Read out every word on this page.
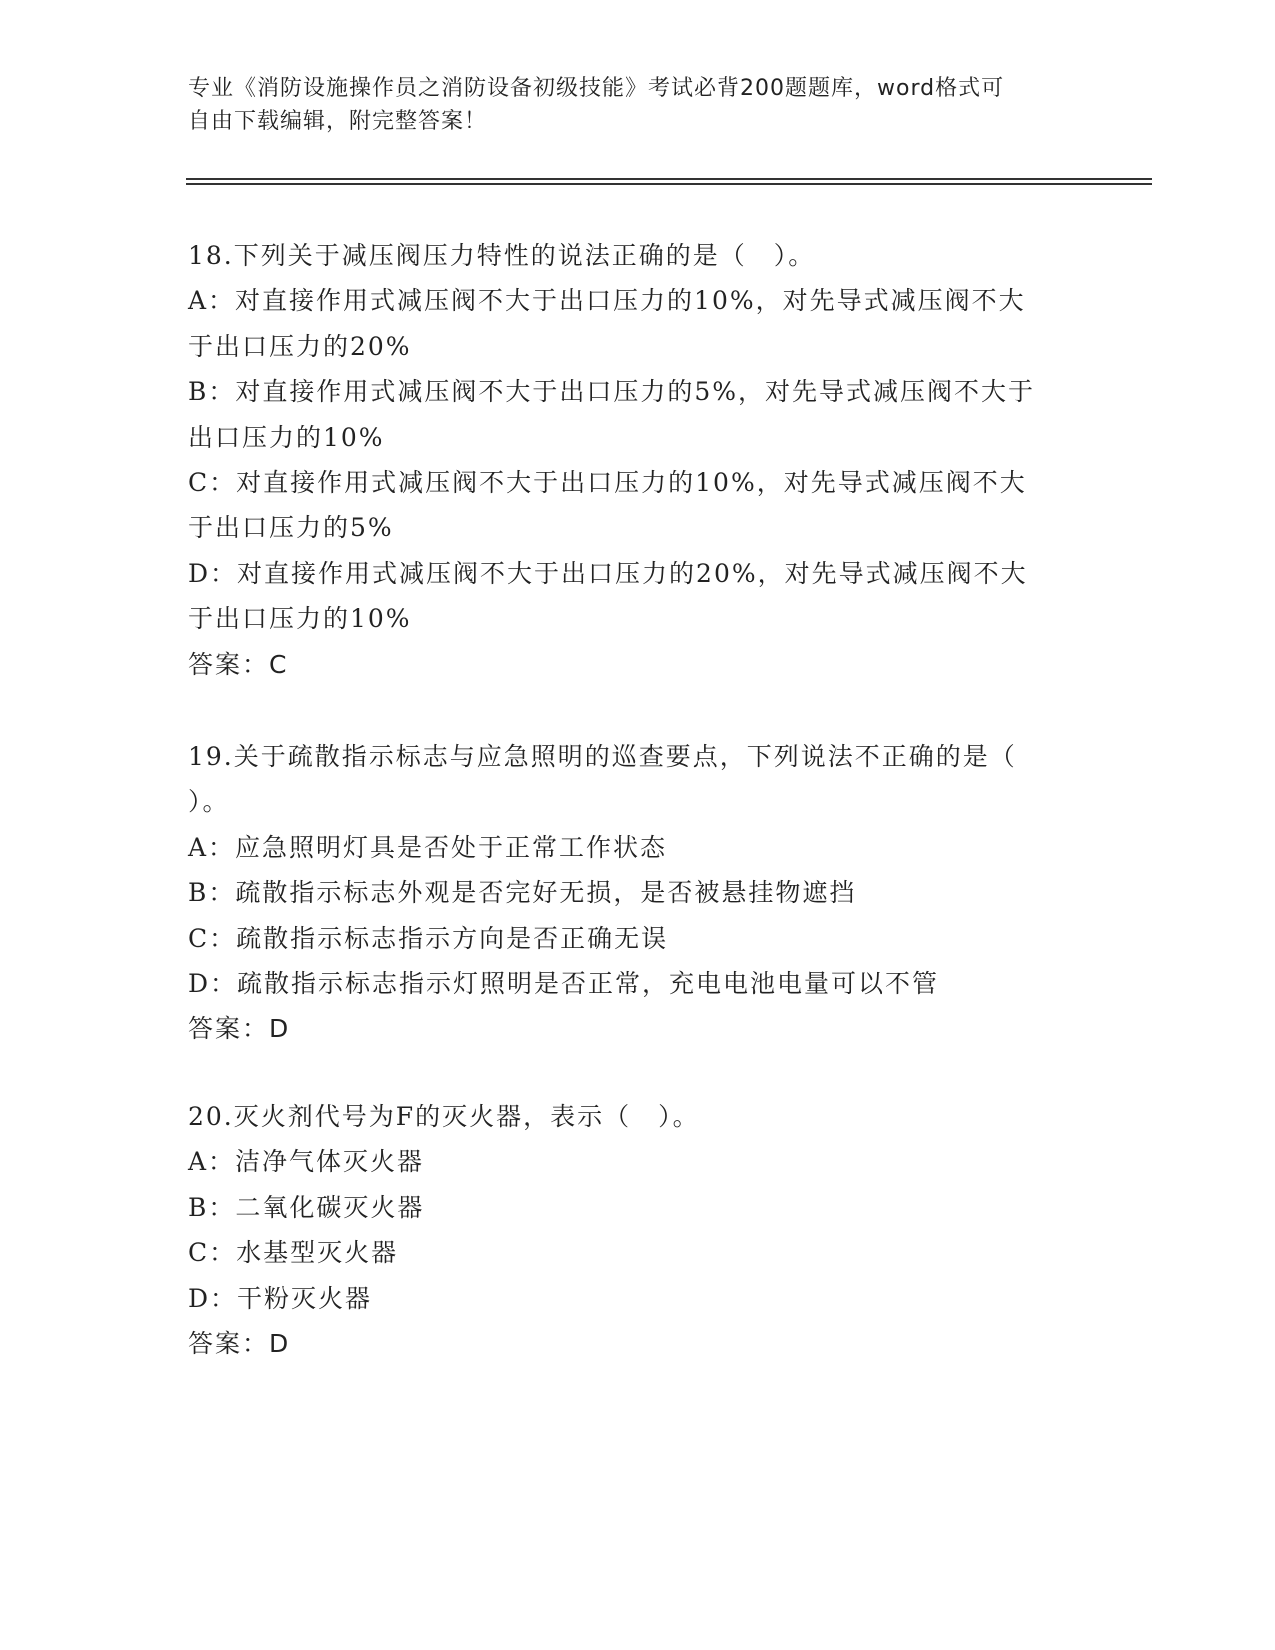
专业《消防设施操作员之消防设备初级技能》考试必背200题题库，word格式可
自由下载编辑，附完整答案！
18.下列关于减压阀压力特性的说法正确的是（　）。
A：对直接作用式减压阀不大于出口压力的10%，对先导式减压阀不大
于出口压力的20%
B：对直接作用式减压阀不大于出口压力的5%，对先导式减压阀不大于
出口压力的10%
C：对直接作用式减压阀不大于出口压力的10%，对先导式减压阀不大
于出口压力的5%
D：对直接作用式减压阀不大于出口压力的20%，对先导式减压阀不大
于出口压力的10%
答案：C
19.关于疏散指示标志与应急照明的巡查要点，下列说法不正确的是（
）。
A：应急照明灯具是否处于正常工作状态
B：疏散指示标志外观是否完好无损，是否被悬挂物遮挡
C：疏散指示标志指示方向是否正确无误
D：疏散指示标志指示灯照明是否正常，充电电池电量可以不管
答案：D
20.灭火剂代号为F的灭火器，表示（　）。
A：洁净气体灭火器
B：二氧化碳灭火器
C：水基型灭火器
D：干粉灭火器
答案：D
